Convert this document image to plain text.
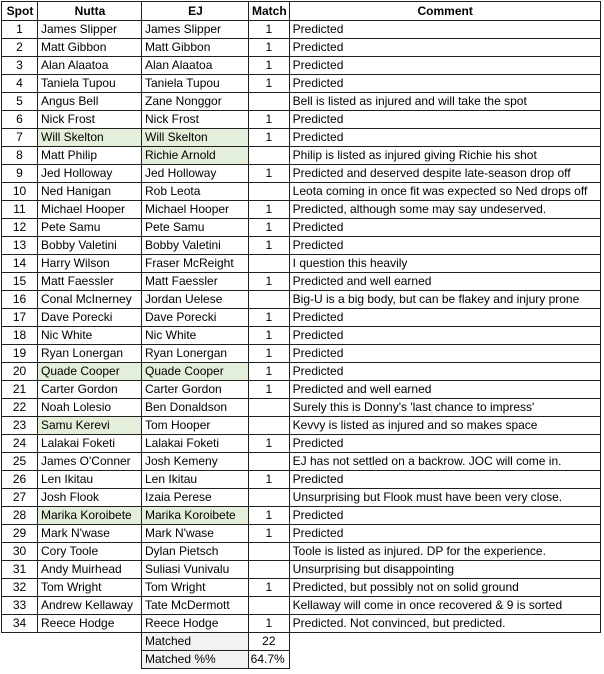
Spot	Nutta	EJ	Match	Comment
1	James Slipper	James Slipper	1	Predicted
2	Matt Gibbon	Matt Gibbon	1	Predicted
3	Alan Alaatoa	Alan Alaatoa	1	Predicted
4	Taniela Tupou	Taniela Tupou	1	Predicted
5	Angus Bell	Zane Nonggor		Bell is listed as injured and will take the spot
6	Nick Frost	Nick Frost	1	Predicted
7	Will Skelton	Will Skelton	1	Predicted
8	Matt Philip	Richie Arnold		Philip is listed as injured giving Richie his shot
9	Jed Holloway	Jed Holloway	1	Predicted and deserved despite late-season drop off
10	Ned Hanigan	Rob Leota		Leota coming in once fit was expected so Ned drops off
11	Michael Hooper	Michael Hooper	1	Predicted, although some may say undeserved.
12	Pete Samu	Pete Samu	1	Predicted
13	Bobby Valetini	Bobby Valetini	1	Predicted
14	Harry Wilson	Fraser McReight		I question this heavily
15	Matt Faessler	Matt Faessler	1	Predicted and well earned
16	Conal McInerney	Jordan Uelese		Big-U is a big body, but can be flakey and injury prone
17	Dave Porecki	Dave Porecki	1	Predicted
18	Nic White	Nic White	1	Predicted
19	Ryan Lonergan	Ryan Lonergan	1	Predicted
20	Quade Cooper	Quade Cooper	1	Predicted
21	Carter Gordon	Carter Gordon	1	Predicted and well earned
22	Noah Lolesio	Ben Donaldson		Surely this is Donny's 'last chance to impress'
23	Samu Kerevi	Tom Hooper		Kevvy is listed as injured and so makes space
24	Lalakai Foketi	Lalakai Foketi	1	Predicted
25	James O'Conner	Josh Kemeny		EJ has not settled on a backrow. JOC will come in.
26	Len Ikitau	Len Ikitau	1	Predicted
27	Josh Flook	Izaia Perese		Unsurprising but Flook must have been very close.
28	Marika Koroibete	Marika Koroibete	1	Predicted
29	Mark N'wase	Mark N'wase	1	Predicted
30	Cory Toole	Dylan Pietsch		Toole is listed as injured. DP for the experience.
31	Andy Muirhead	Suliasi Vunivalu		Unsurprising but disappointing
32	Tom Wright	Tom Wright	1	Predicted, but possibly not on solid ground
33	Andrew Kellaway	Tate McDermott		Kellaway will come in once recovered & 9 is sorted
34	Reece Hodge	Reece Hodge	1	Predicted. Not convinced, but predicted.
		Matched	22	
		Matched %%	64.7%	
